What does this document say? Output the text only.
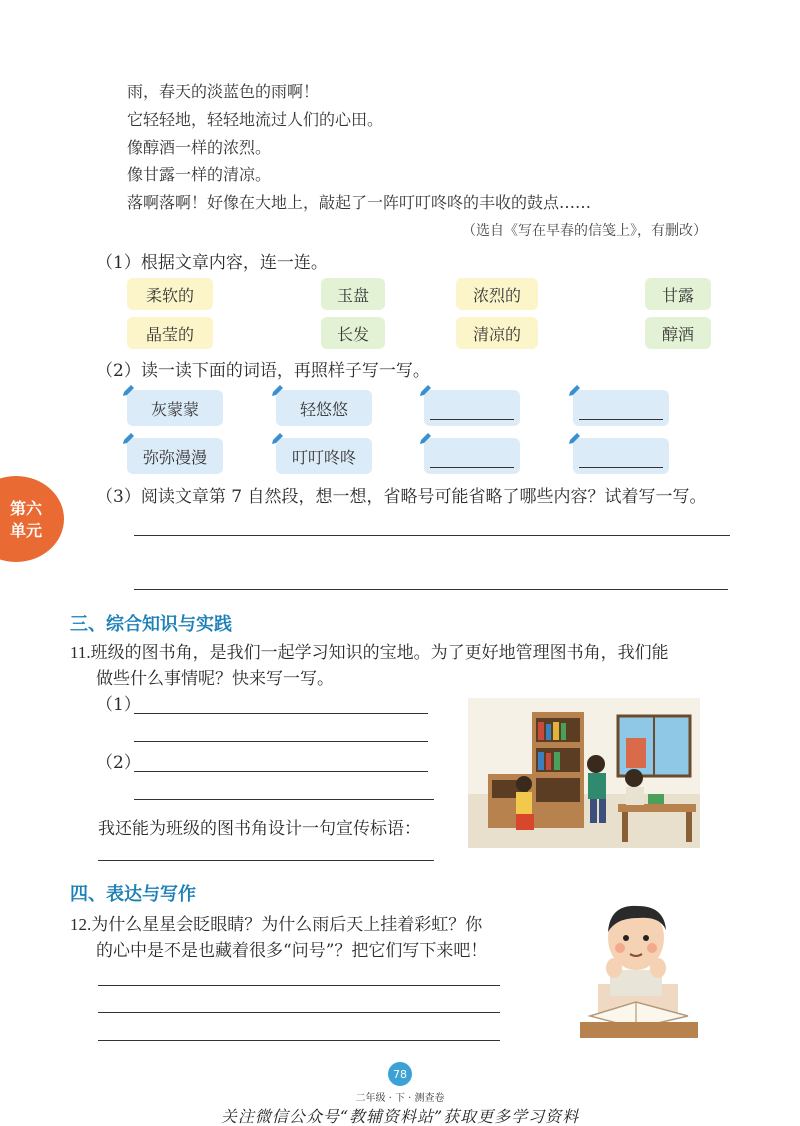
雨，春天的淡蓝色的雨啊！
它轻轻地，轻轻地流过人们的心田。
像醇酒一样的浓烈。
像甘露一样的清凉。
落啊落啊！好像在大地上，敲起了一阵叮叮咚咚的丰收的鼓点……
（选自《写在早春的信笺上》，有删改）
（1）根据文章内容，连一连。
柔软的	玉盘	浓烈的	甘露
晶莹的	长发	清凉的	醇酒
（2）读一读下面的词语，再照样子写一写。
灰蒙蒙	轻悠悠
弥弥漫漫	叮叮咚咚
第六
单元
（3）阅读文章第 7 自然段，想一想，省略号可能省略了哪些内容？试着写一写。
三、综合知识与实践
11.班级的图书角，是我们一起学习知识的宝地。为了更好地管理图书角，我们能
做些什么事情呢？快来写一写。
（1）
（2）
我还能为班级的图书角设计一句宣传标语：
四、表达与写作
12.为什么星星会眨眼睛？为什么雨后天上挂着彩虹？你
的心中是不是也藏着很多“问号”？把它们写下来吧！
78
二年级 · 下 · 测查卷
关注微信公众号“教辅资料站”获取更多学习资料
